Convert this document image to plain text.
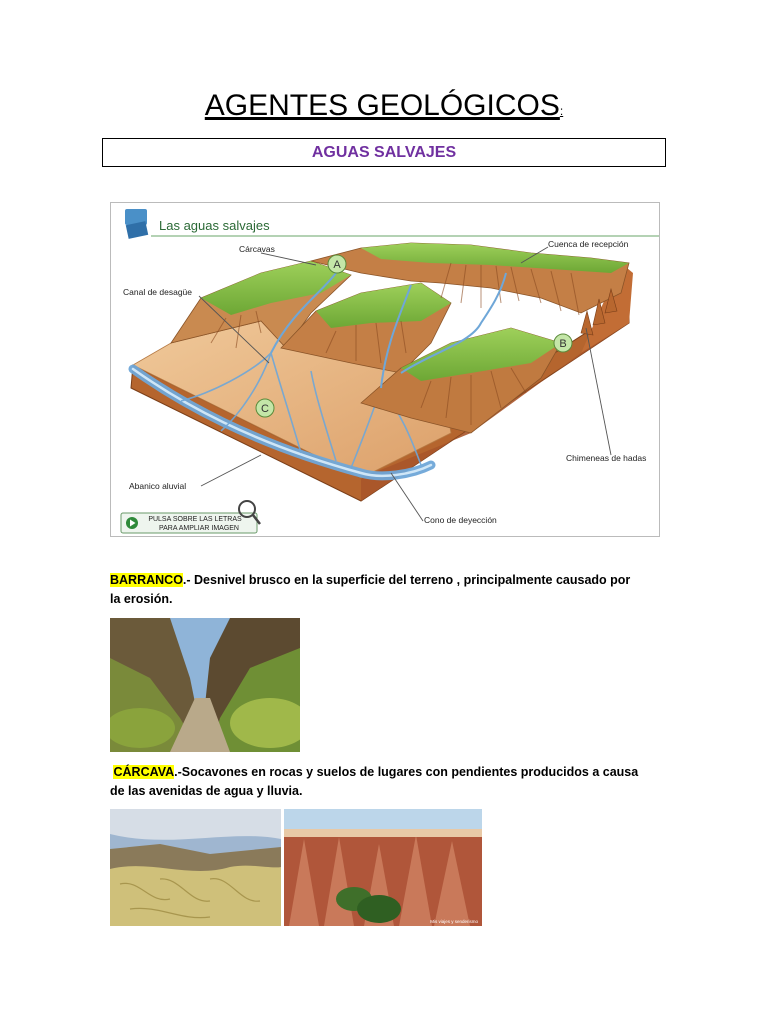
AGENTES GEOLÓGICOS:
AGUAS SALVAJES
Las aguas salvajes
Cárcavas	Cuenca de recepción
Canal de desagüe
Chimeneas de hadas
Abanico aluvial
Cono de deyección
A
B
C
PULSA SOBRE LAS LETRAS
PARA AMPLIAR IMAGEN
BARRANCO.- Desnivel brusco en la superficie del terreno , principalmente causado por la erosión.
CÁRCAVA.-Socavones en rocas y suelos de lugares con pendientes producidos a causa de las avenidas de agua y lluvia.
Mis viajes y senderismo
